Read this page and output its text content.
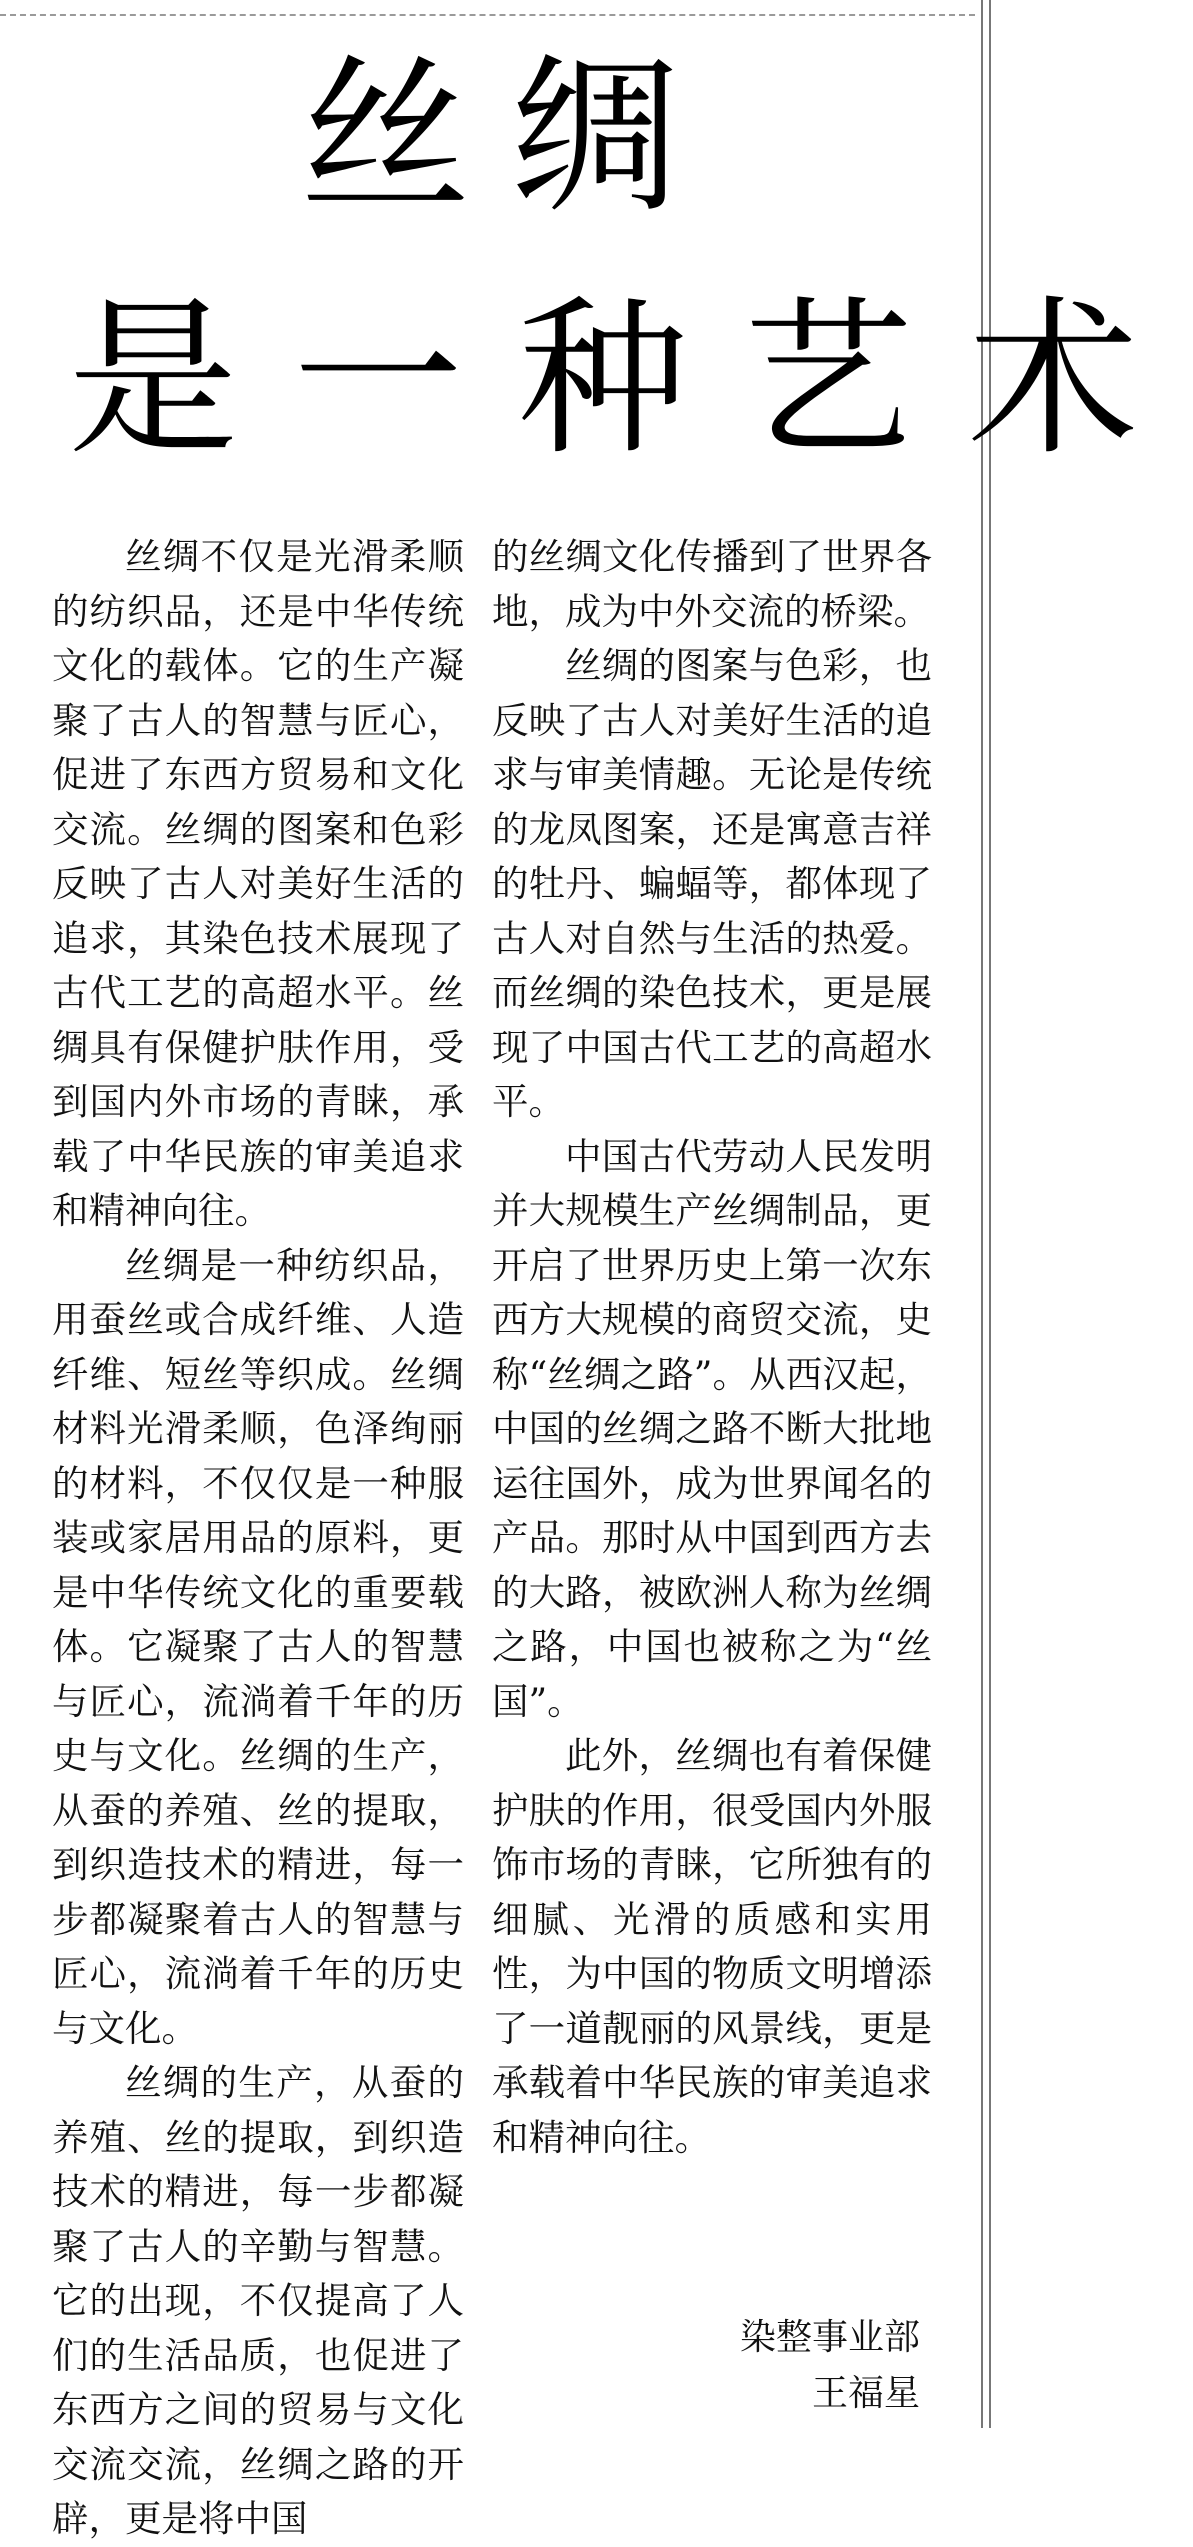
丝绸
是一种艺术

丝绸不仅是光滑柔顺的纺织品，还是中华传统文化的载体。它的生产凝聚了古人的智慧与匠心，促进了东西方贸易和文化交流。丝绸的图案和色彩反映了古人对美好生活的追求，其染色技术展现了古代工艺的高超水平。丝绸具有保健护肤作用，受到国内外市场的青睐，承载了中华民族的审美追求和精神向往。

丝绸是一种纺织品，用蚕丝或合成纤维、人造纤维、短丝等织成。丝绸材料光滑柔顺，色泽绚丽的材料，不仅仅是一种服装或家居用品的原料，更是中华传统文化的重要载体。它凝聚了古人的智慧与匠心，流淌着千年的历史与文化。丝绸的生产，从蚕的养殖、丝的提取，到织造技术的精进，每一步都凝聚着古人的智慧与匠心，流淌着千年的历史与文化。

丝绸的生产，从蚕的养殖、丝的提取，到织造技术的精进，每一步都凝聚了古人的辛勤与智慧。它的出现，不仅提高了人们的生活品质，也促进了东西方之间的贸易与文化交流交流，丝绸之路的开辟，更是将中国

的丝绸文化传播到了世界各地，成为中外交流的桥梁。

丝绸的图案与色彩，也反映了古人对美好生活的追求与审美情趣。无论是传统的龙凤图案，还是寓意吉祥的牡丹、蝙蝠等，都体现了古人对自然与生活的热爱。而丝绸的染色技术，更是展现了中国古代工艺的高超水平。

中国古代劳动人民发明并大规模生产丝绸制品，更开启了世界历史上第一次东西方大规模的商贸交流，史称“丝绸之路”。从西汉起，中国的丝绸之路不断大批地运往国外，成为世界闻名的产品。那时从中国到西方去的大路，被欧洲人称为丝绸之路，中国也被称之为“丝国”。

此外，丝绸也有着保健护肤的作用，很受国内外服饰市场的青睐，它所独有的细腻、光滑的质感和实用性，为中国的物质文明增添了一道靓丽的风景线，更是承载着中华民族的审美追求和精神向往。

染整事业部
王福星
